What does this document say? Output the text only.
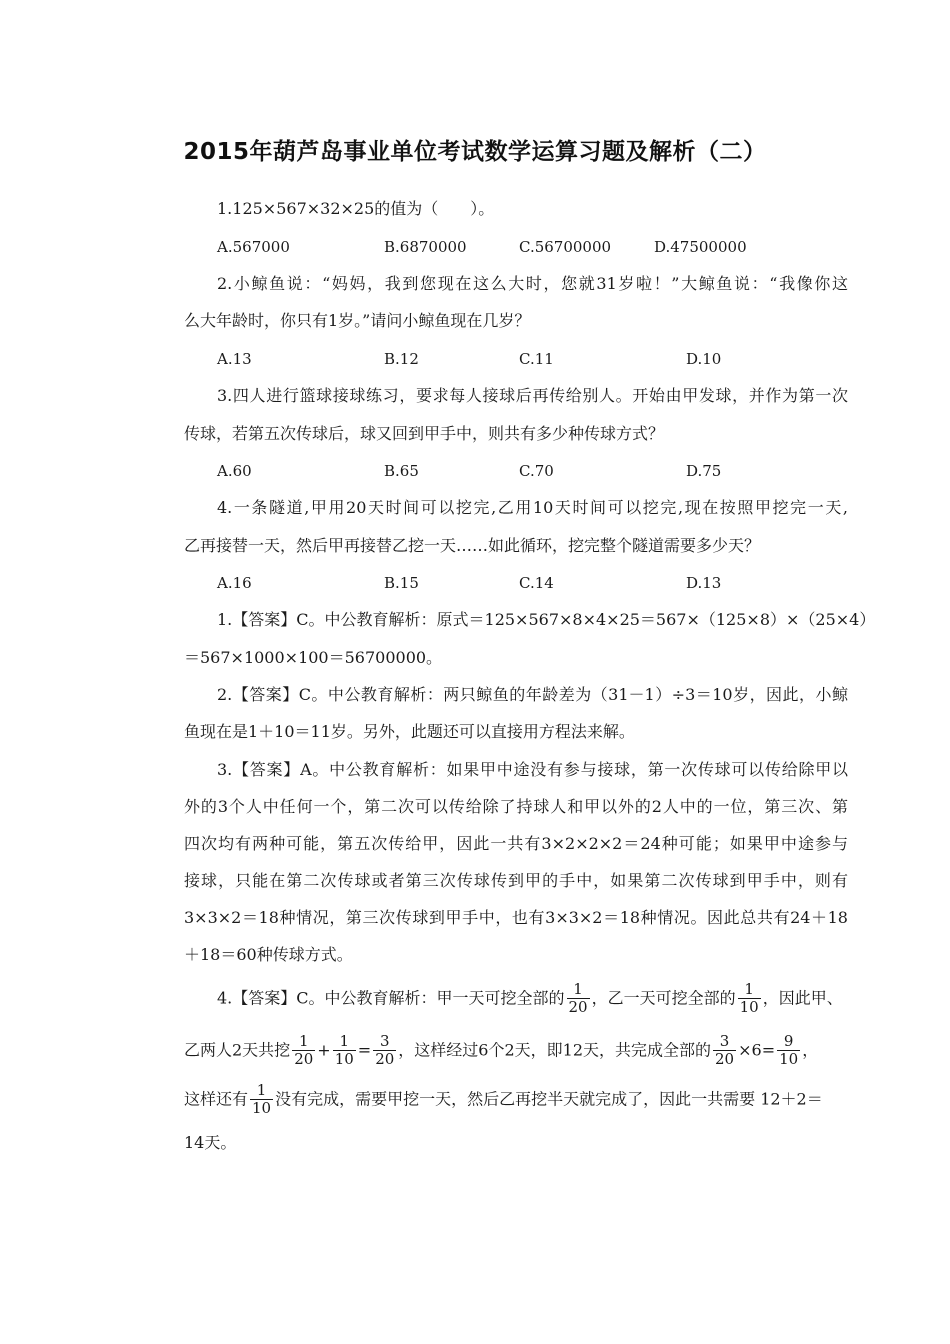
2015年葫芦岛事业单位考试数学运算习题及解析（二）
1.125×567×32×25的值为（　　）。
A.567000	B.6870000	C.56700000	D.47500000
2.小鲸鱼说：“妈妈，我到您现在这么大时，您就31岁啦！”大鲸鱼说：“我像你这
么大年龄时，你只有1岁。”请问小鲸鱼现在几岁？
A.13	B.12	C.11	D.10
3.四人进行篮球接球练习，要求每人接球后再传给别人。开始由甲发球，并作为第一次
传球，若第五次传球后，球又回到甲手中，则共有多少种传球方式？
A.60	B.65	C.70	D.75
4.一条隧道,甲用20天时间可以挖完,乙用10天时间可以挖完,现在按照甲挖完一天,
乙再接替一天，然后甲再接替乙挖一天……如此循环，挖完整个隧道需要多少天？
A.16	B.15	C.14	D.13
1.【答案】C。中公教育解析：原式＝125×567×8×4×25＝567×（125×8）×（25×4）
＝567×1000×100＝56700000。
2.【答案】C。中公教育解析：两只鲸鱼的年龄差为（31－1）÷3＝10岁，因此，小鲸
鱼现在是1＋10＝11岁。另外，此题还可以直接用方程法来解。
3.【答案】A。中公教育解析：如果甲中途没有参与接球，第一次传球可以传给除甲以
外的3个人中任何一个，第二次可以传给除了持球人和甲以外的2人中的一位，第三次、第
四次均有两种可能，第五次传给甲，因此一共有3×2×2×2＝24种可能；如果甲中途参与
接球，只能在第二次传球或者第三次传球传到甲的手中，如果第二次传球到甲手中，则有
3×3×2＝18种情况，第三次传球到甲手中，也有3×3×2＝18种情况。因此总共有24＋18
＋18＝60种传球方式。
4.【答案】C。中公教育解析：甲一天可挖全部的 $\frac{1}{20}$ ，乙一天可挖全部的 $\frac{1}{10}$ ，因此甲、
乙两人2天共挖 $\frac{1}{20} + \frac{1}{10} = \frac{3}{20}$ ，这样经过6个2天，即12天，共完成全部的 $\frac{3}{20} \times 6= \frac{9}{10}$ ，
这样还有 $\frac{1}{10}$ 没有完成，需要甲挖一天，然后乙再挖半天就完成了，因此一共需要 12＋2＝
14天。
